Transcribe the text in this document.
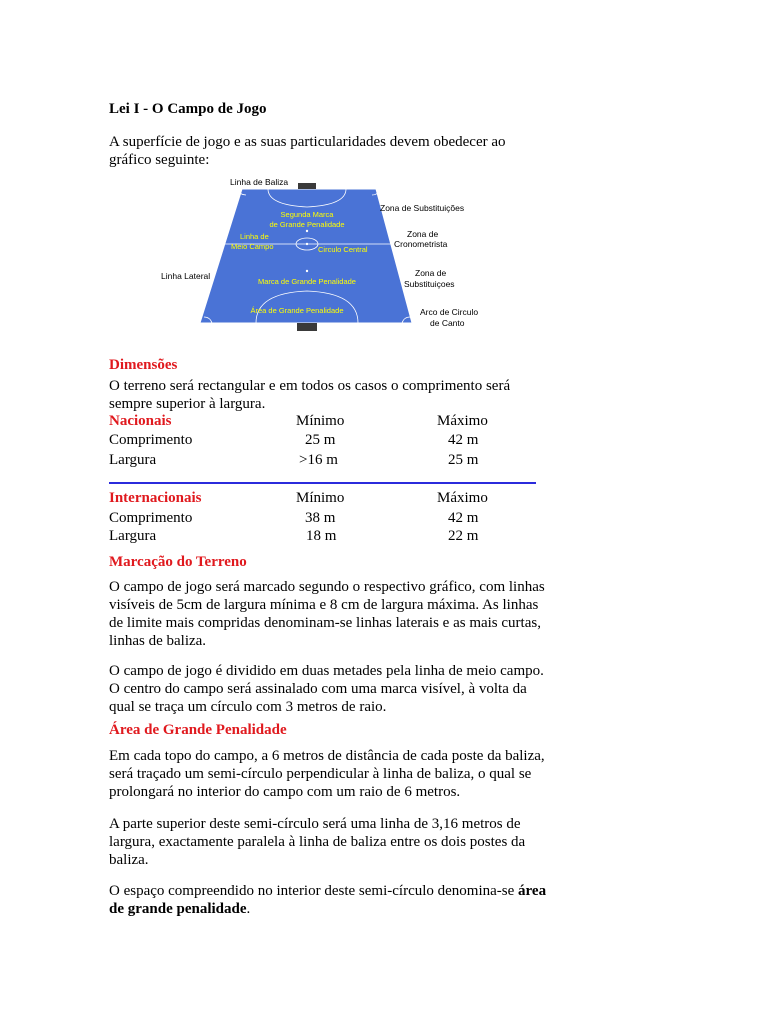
Lei I - O Campo de Jogo
A superfície de jogo e as suas particularidades devem obedecer ao gráfico seguinte:
Segunda Marca
de Grande Penalidade
Linha de
Meio Campo	Circulo Central
Marca de Grande Penalidade
Área de Grande Penalidade
Linha de Baliza
Zona de Substituições
Zona de
Cronometrista
Linha Lateral	Zona de
Substituiçoes
Arco de Circulo
de Canto
Dimensões
O terreno será rectangular e em todos os casos o comprimento será sempre superior à largura.
Nacionais	Mínimo	Máximo
Comprimento	25 m	42 m
Largura	>16 m	25 m
Internacionais	Mínimo	Máximo
Comprimento	38 m	42 m
Largura	18 m	22 m
Marcação do Terreno
O campo de jogo será marcado segundo o respectivo gráfico, com linhas visíveis de 5cm de largura mínima e 8 cm de largura máxima. As linhas de limite mais compridas denominam-se linhas laterais e as mais curtas, linhas de baliza.
O campo de jogo é dividido em duas metades pela linha de meio campo. O centro do campo será assinalado com uma marca visível, à volta da qual se traça um círculo com 3 metros de raio.
Área de Grande Penalidade
Em cada topo do campo, a 6 metros de distância de cada poste da baliza, será traçado um semi-círculo perpendicular à linha de baliza, o qual se prolongará no interior do campo com um raio de 6 metros.
A parte superior deste semi-círculo será uma linha de 3,16 metros de largura, exactamente paralela à linha de baliza entre os dois postes da baliza.
O espaço compreendido no interior deste semi-círculo denomina-se área de grande penalidade.
